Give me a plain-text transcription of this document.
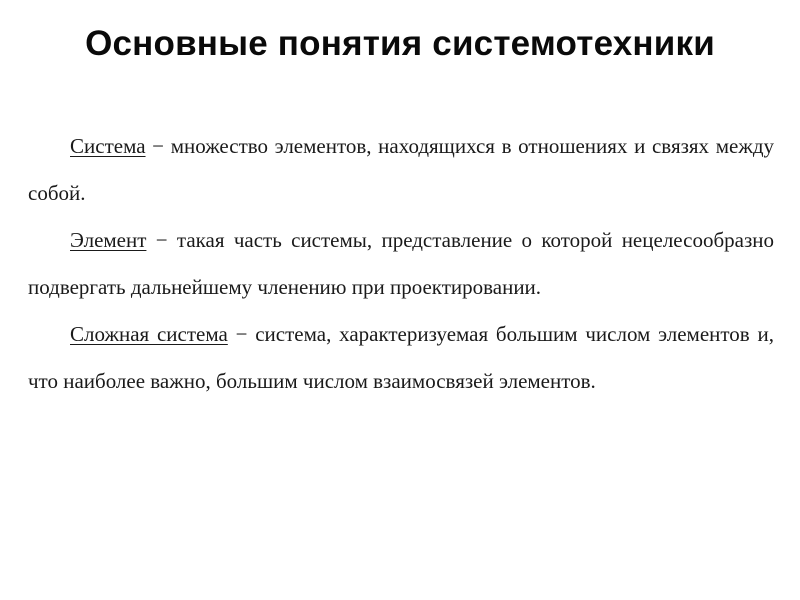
Основные понятия системотехники

Система − множество элементов, находящихся в отношениях и связях между собой.

Элемент − такая часть системы, представление о которой нецелесообразно подвергать дальнейшему членению при проектировании.

Сложная система − система, характеризуемая большим числом элементов и, что наиболее важно, большим числом взаимосвязей элементов.
